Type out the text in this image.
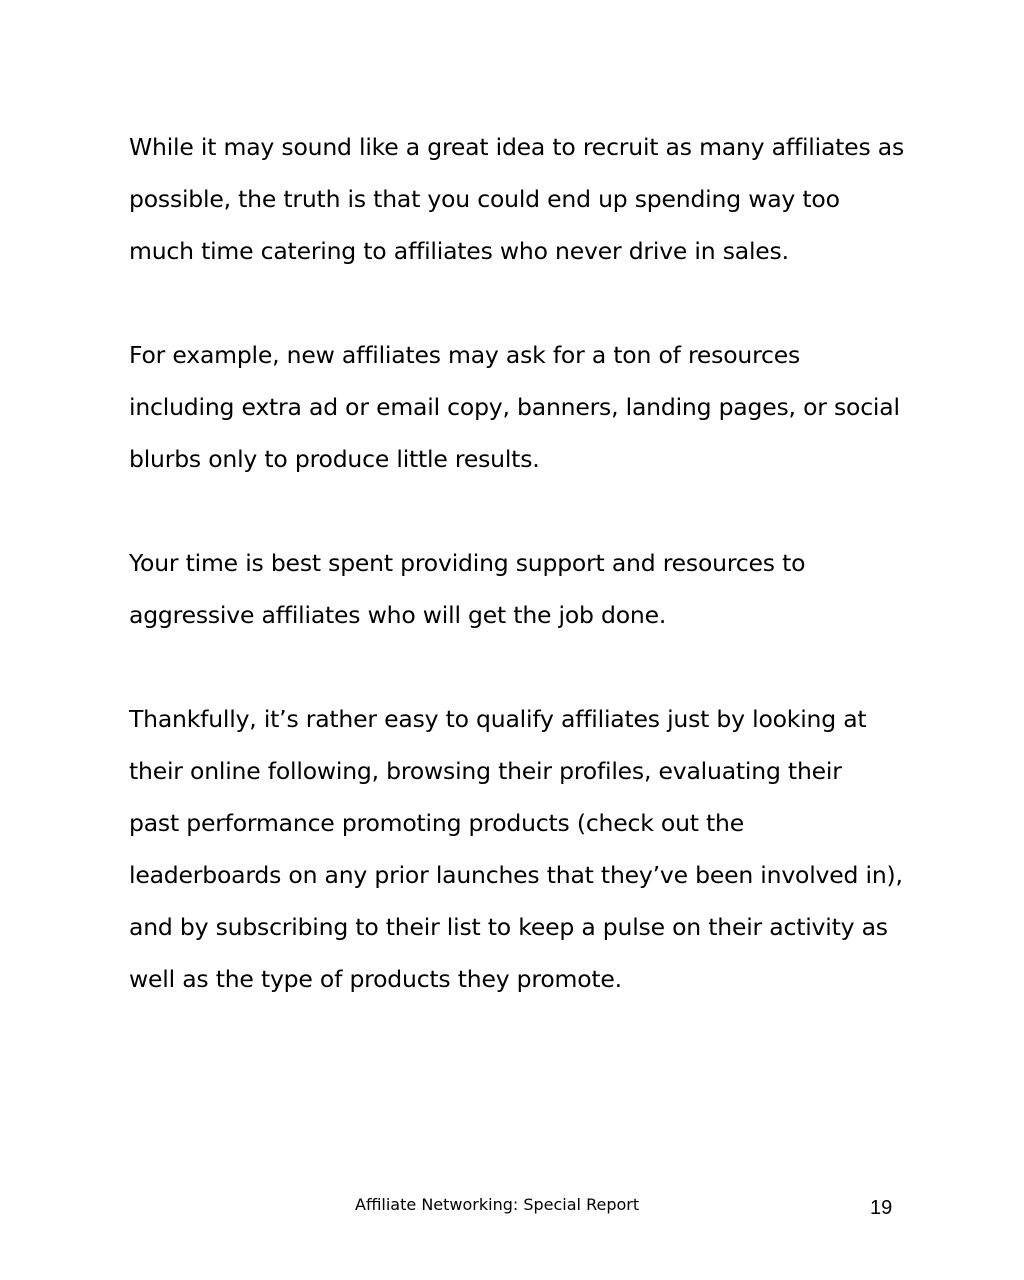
While it may sound like a great idea to recruit as many affiliates as
possible, the truth is that you could end up spending way too
much time catering to affiliates who never drive in sales.
For example, new affiliates may ask for a ton of resources
including extra ad or email copy, banners, landing pages, or social
blurbs only to produce little results.
Your time is best spent providing support and resources to
aggressive affiliates who will get the job done.
Thankfully, it’s rather easy to qualify affiliates just by looking at
their online following, browsing their profiles, evaluating their
past performance promoting products (check out the
leaderboards on any prior launches that they’ve been involved in),
and by subscribing to their list to keep a pulse on their activity as
well as the type of products they promote.
Affiliate Networking: Special Report	19
